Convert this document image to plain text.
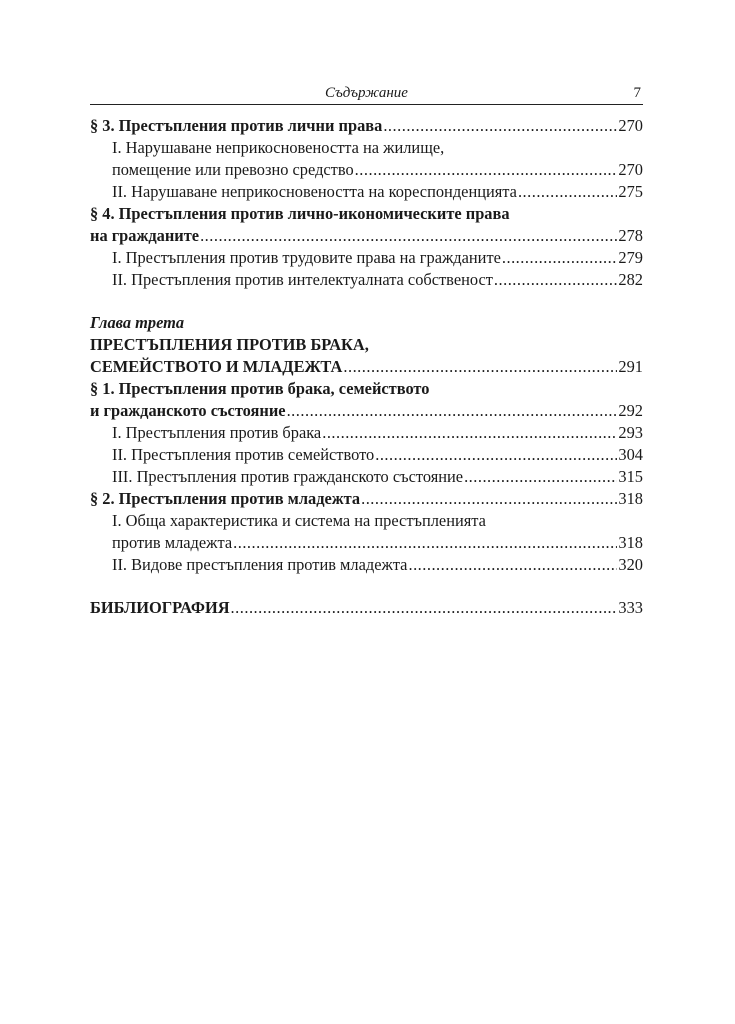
Съдържание	7
§ 3. Престъпления против лични права .....	270
I. Нарушаване неприкосновеността на жилище,
помещение или превозно средство .....	270
II. Нарушаване неприкосновеността на кореспонденцията .....	275
§ 4. Престъпления против лично-икономическите права
на гражданите .....	278
I. Престъпления против трудовите права на гражданите .....	279
II. Престъпления против интелектуалната собственост .....	282
Глава трета
ПРЕСТЪПЛЕНИЯ ПРОТИВ БРАКА,
СЕМЕЙСТВОТО И МЛАДЕЖТА .....	291
§ 1. Престъпления против брака, семейството
и гражданското състояние .....	292
I. Престъпления против брака .....	293
II. Престъпления против семейството .....	304
III. Престъпления против гражданското състояние .....	315
§ 2. Престъпления против младежта .....	318
I. Обща характеристика и система на престъпленията
против младежта .....	318
II. Видове престъпления против младежта .....	320
БИБЛИОГРАФИЯ .....	333
